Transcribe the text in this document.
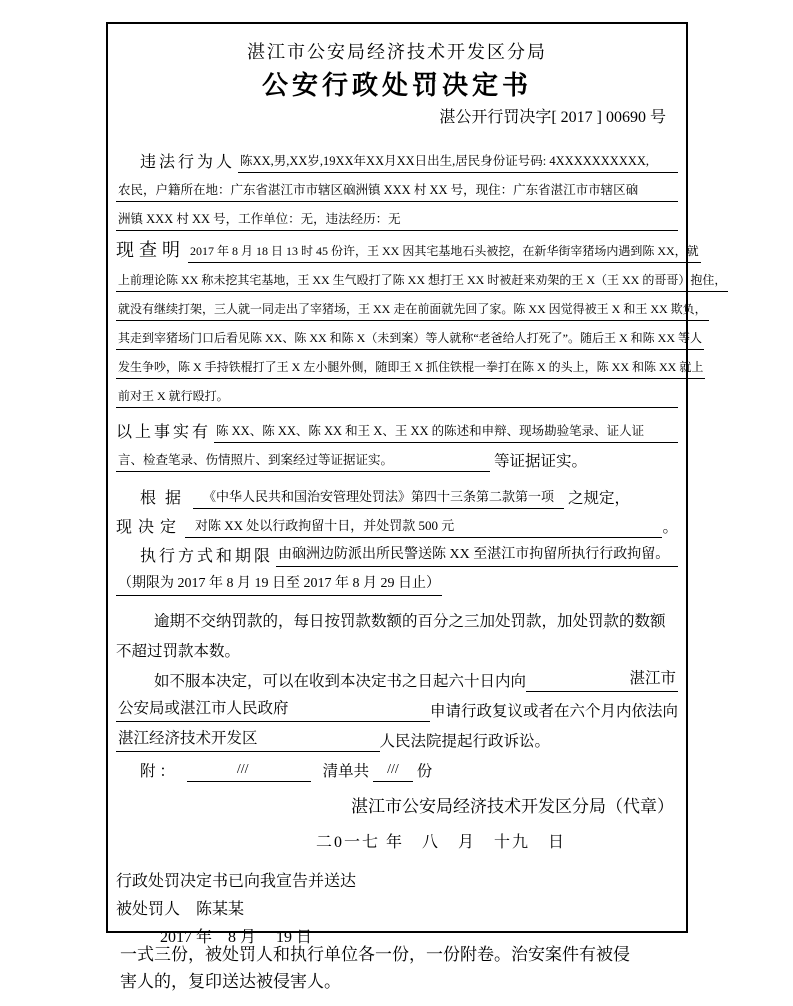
湛江市公安局经济技术开发区分局
公安行政处罚决定书
湛公开行罚决字[ 2017 ] 00690 号
违法行为人 陈XX,男,XX岁,19XX年XX月XX日出生,居民身份证号码: 4XXXXXXXXXX,
农民，户籍所在地：广东省湛江市市辖区硇洲镇 XXX 村 XX 号，现住：广东省湛江市市辖区硇
洲镇 XXX 村 XX 号，工作单位：无，违法经历：无
现查明 2017 年 8 月 18 日 13 时 45 份许，王 XX 因其宅基地石头被挖，在新华街宰猪场内遇到陈 XX，就
上前理论陈 XX 称未挖其宅基地，王 XX 生气殴打了陈 XX 想打王 XX 时被赶来劝架的王 X（王 XX 的哥哥）抱住，
就没有继续打架，三人就一同走出了宰猪场，王 XX 走在前面就先回了家。陈 XX 因觉得被王 X 和王 XX 欺负，
其走到宰猪场门口后看见陈 XX、陈 XX 和陈 X（未到案）等人就称“老爸给人打死了”。随后王 X 和陈 XX 等人
发生争吵，陈 X 手持铁棍打了王 X 左小腿外侧，随即王 X 抓住铁棍一拳打在陈 X 的头上，陈 XX 和陈 XX 就上
前对王 X 就行殴打。
以上事实有 陈 XX、陈 XX、陈 XX 和王 X、王 XX 的陈述和申辩、现场勘验笔录、证人证
言、检查笔录、伤情照片、到案经过等证据证实。	等证据证实。
根据	《中华人民共和国治安管理处罚法》第四十三条第二款第一项 之规定，
现决定	对陈 XX 处以行政拘留十日，并处罚款 500 元	。
执行方式和期限 由硇洲边防派出所民警送陈 XX 至湛江市拘留所执行行政拘留。
（期限为 2017 年 8 月 19 日至 2017 年 8 月 29 日止）
逾期不交纳罚款的，每日按罚款数额的百分之三加处罚款，加处罚款的数额
不超过罚款本数。
如不服本决定，可以在收到本决定书之日起六十日内向	湛江市
公安局或湛江市人民政府	申请行政复议或者在六个月内依法向
湛江经济技术开发区	人民法院提起行政诉讼。
附 ：	///	清单共	///	份
湛江市公安局经济技术开发区分局（代章）
二0一七 年　八　月　十九　日
行政处罚决定书已向我宣告并送达
被处罚人　陈某某
2017 年　8 月　 19 日
一式三份，被处罚人和执行单位各一份，一份附卷。治安案件有被侵
害人的，复印送达被侵害人。
